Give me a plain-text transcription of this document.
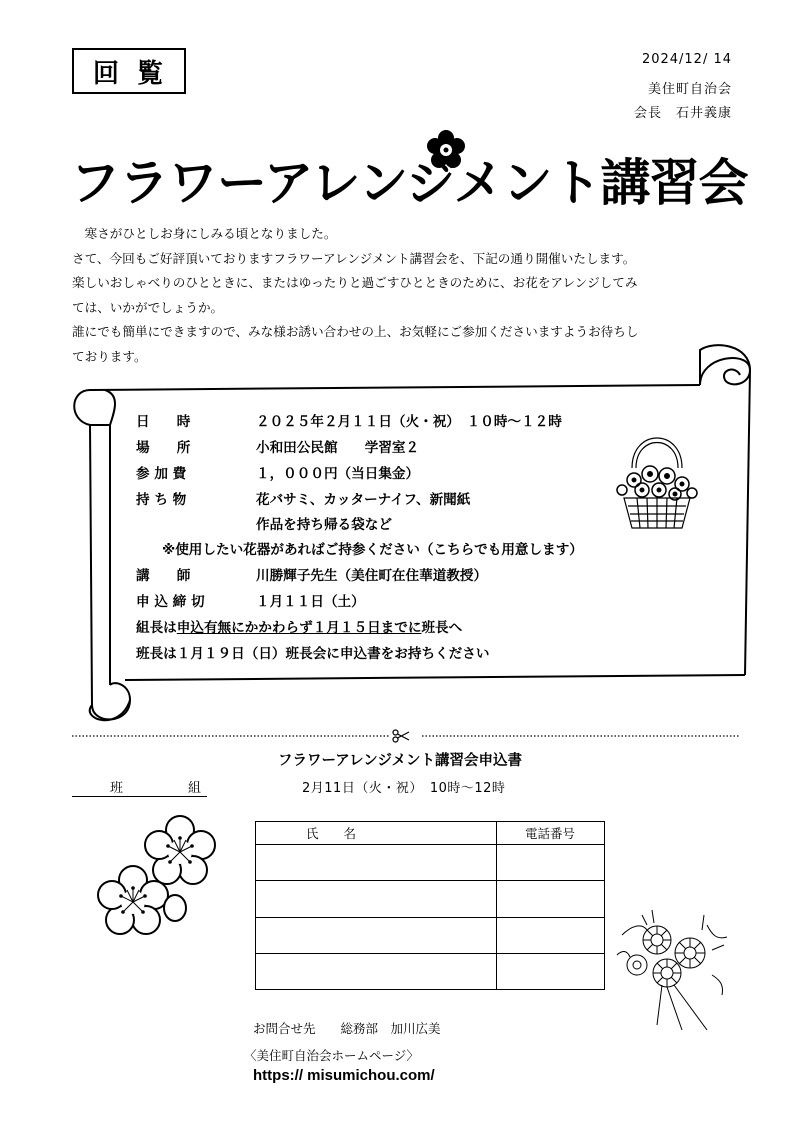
回覧	2024/12/ 14
美住町自治会
会長　石井義康
フラワーアレンジメント講習会

　寒さがひとしお身にしみる頃となりました。

さて、今回もご好評頂いておりますフラワーアレンジメント講習会を、下記の通り開催いたします。

楽しいおしゃべりのひとときに、またはゆったりと過ごすひとときのために、お花をアレンジしてみ

ては、いかがでしょうか。

誰にでも簡単にできますので、みな様お誘い合わせの上、お気軽にご参加くださいますようお待ちし

ております。

日　　時	２０２５年２月１１日（火・祝）　１０時～１２時
場　　所	小和田公民館　　学習室２
参 加 費	１，０００円（当日集金）
持 ち 物	花バサミ、カッターナイフ、新聞紙
作品を持ち帰る袋など
※使用したい花器があればご持参ください（こちらでも用意します）
講　　師	川勝輝子先生（美住町在住華道教授）
申 込 締 切	１月１１日（土）
組長は申込有無にかかわらず１月１５日までに班長へ
班長は１月１９日（日）班長会に申込書をお持ちください
フラワーアレンジメント講習会申込書
2月11日（火・祝）　10時～12時
班	組

氏　　名	電話番号

お問合せ先　　総務部　加川広美
〈美住町自治会ホームページ〉
https:// misumichou.com/
